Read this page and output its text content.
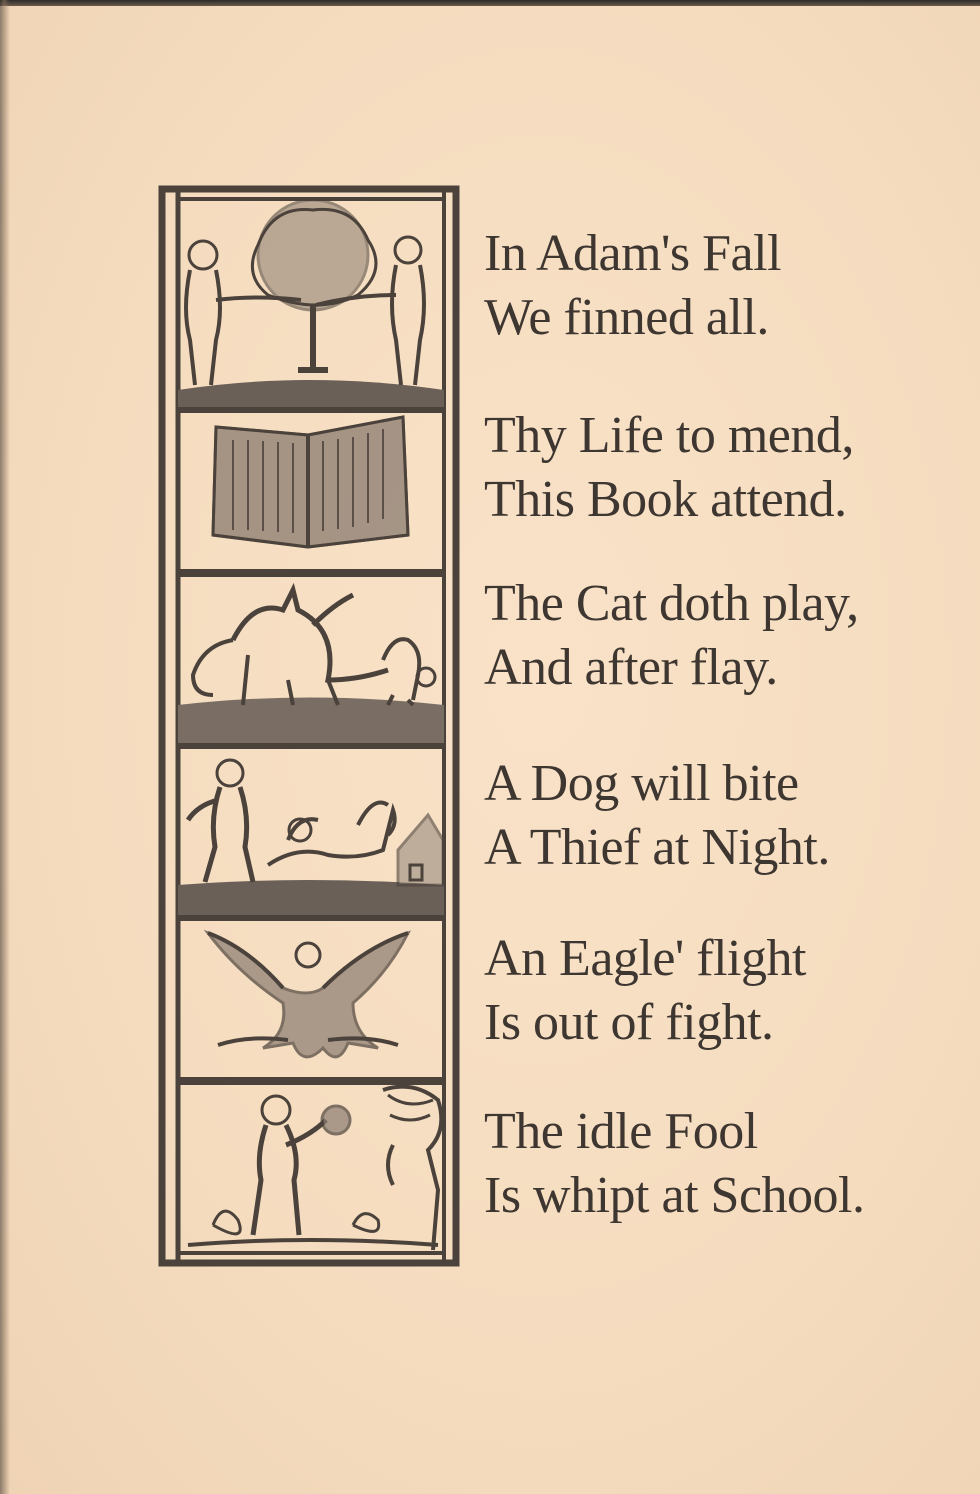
In Adam's Fall
We finned all.
Thy Life to mend,
This Book attend.
The Cat doth play,
And after flay.
A Dog will bite
A Thief at Night.
An Eagle' flight
Is out of fight.
The idle Fool
Is whipt at School.
